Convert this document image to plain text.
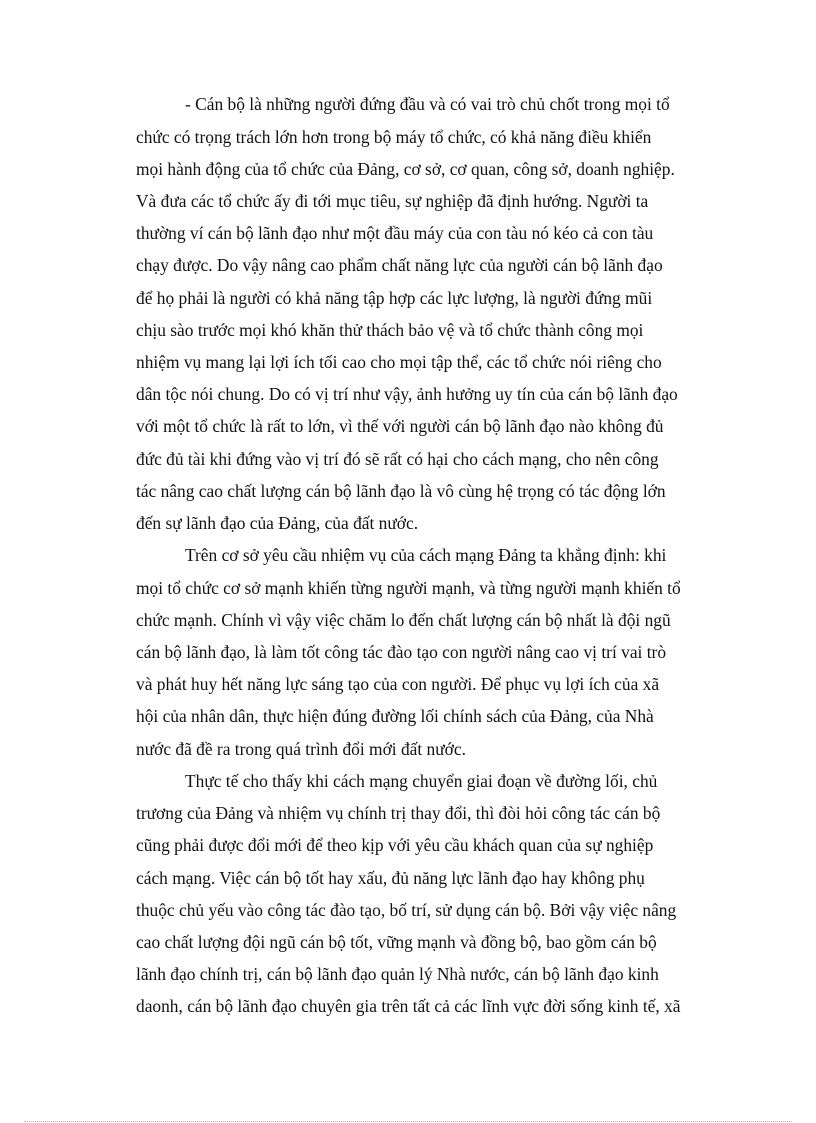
- Cán bộ là những người đứng đầu và có vai trò chủ chốt trong mọi tổ
chức có trọng trách lớn hơn trong bộ máy tổ chức, có khả năng điều khiển
mọi hành động của tổ chức của Đảng, cơ sở, cơ quan, công sở, doanh nghiệp.
Và đưa các tổ chức ấy đi tới mục tiêu, sự nghiệp đã định hướng. Người ta
thường ví cán bộ lãnh đạo như một đầu máy của con tàu nó kéo cả con tàu
chạy được. Do vậy nâng cao phẩm chất năng lực của người cán bộ lãnh đạo
để họ phải là người có khả năng tập hợp các lực lượng, là người đứng mũi
chịu sào trước mọi khó khăn thử thách bảo vệ và tổ chức thành công mọi
nhiệm vụ mang lại lợi ích tối cao cho mọi tập thể, các tổ chức nói riêng cho
dân tộc nói chung. Do có vị trí như vậy, ảnh hưởng uy tín của cán bộ lãnh đạo
với một tổ chức là rất to lớn, vì thế với người cán bộ lãnh đạo nào không đủ
đức đủ tài khi đứng vào vị trí đó sẽ rất có hại cho cách mạng, cho nên công
tác nâng cao chất lượng cán bộ lãnh đạo là vô cùng hệ trọng có tác động lớn
đến sự lãnh đạo của Đảng, của đất nước.
Trên cơ sở yêu cầu nhiệm vụ của cách mạng Đảng ta khẳng định: khi
mọi tổ chức cơ sở mạnh khiến từng người mạnh, và từng người mạnh khiến tổ
chức mạnh. Chính vì vậy việc chăm lo đến chất lượng cán bộ nhất là đội ngũ
cán bộ lãnh đạo, là làm tốt công tác đào tạo con người nâng cao vị trí vai trò
và phát huy hết năng lực sáng tạo của con người. Để phục vụ lợi ích của xã
hội của nhân dân, thực hiện đúng đường lối chính sách của Đảng, của Nhà
nước đã đề ra trong quá trình đổi mới đất nước.
Thực tế cho thấy khi cách mạng chuyển giai đoạn về đường lối, chủ
trương của Đảng và nhiệm vụ chính trị thay đổi, thì đòi hỏi công tác cán bộ
cũng phải được đổi mới để theo kịp với yêu cầu khách quan của sự nghiệp
cách mạng. Việc cán bộ tốt hay xấu, đủ năng lực lãnh đạo hay không phụ
thuộc chủ yếu vào công tác đào tạo, bố trí, sử dụng cán bộ. Bởi vậy việc nâng
cao chất lượng đội ngũ cán bộ tốt, vững mạnh và đồng bộ, bao gồm cán bộ
lãnh đạo chính trị, cán bộ lãnh đạo quản lý Nhà nước, cán bộ lãnh đạo kinh
daonh, cán bộ lãnh đạo chuyên gia trên tất cả các lĩnh vực đời sống kinh tế, xã
